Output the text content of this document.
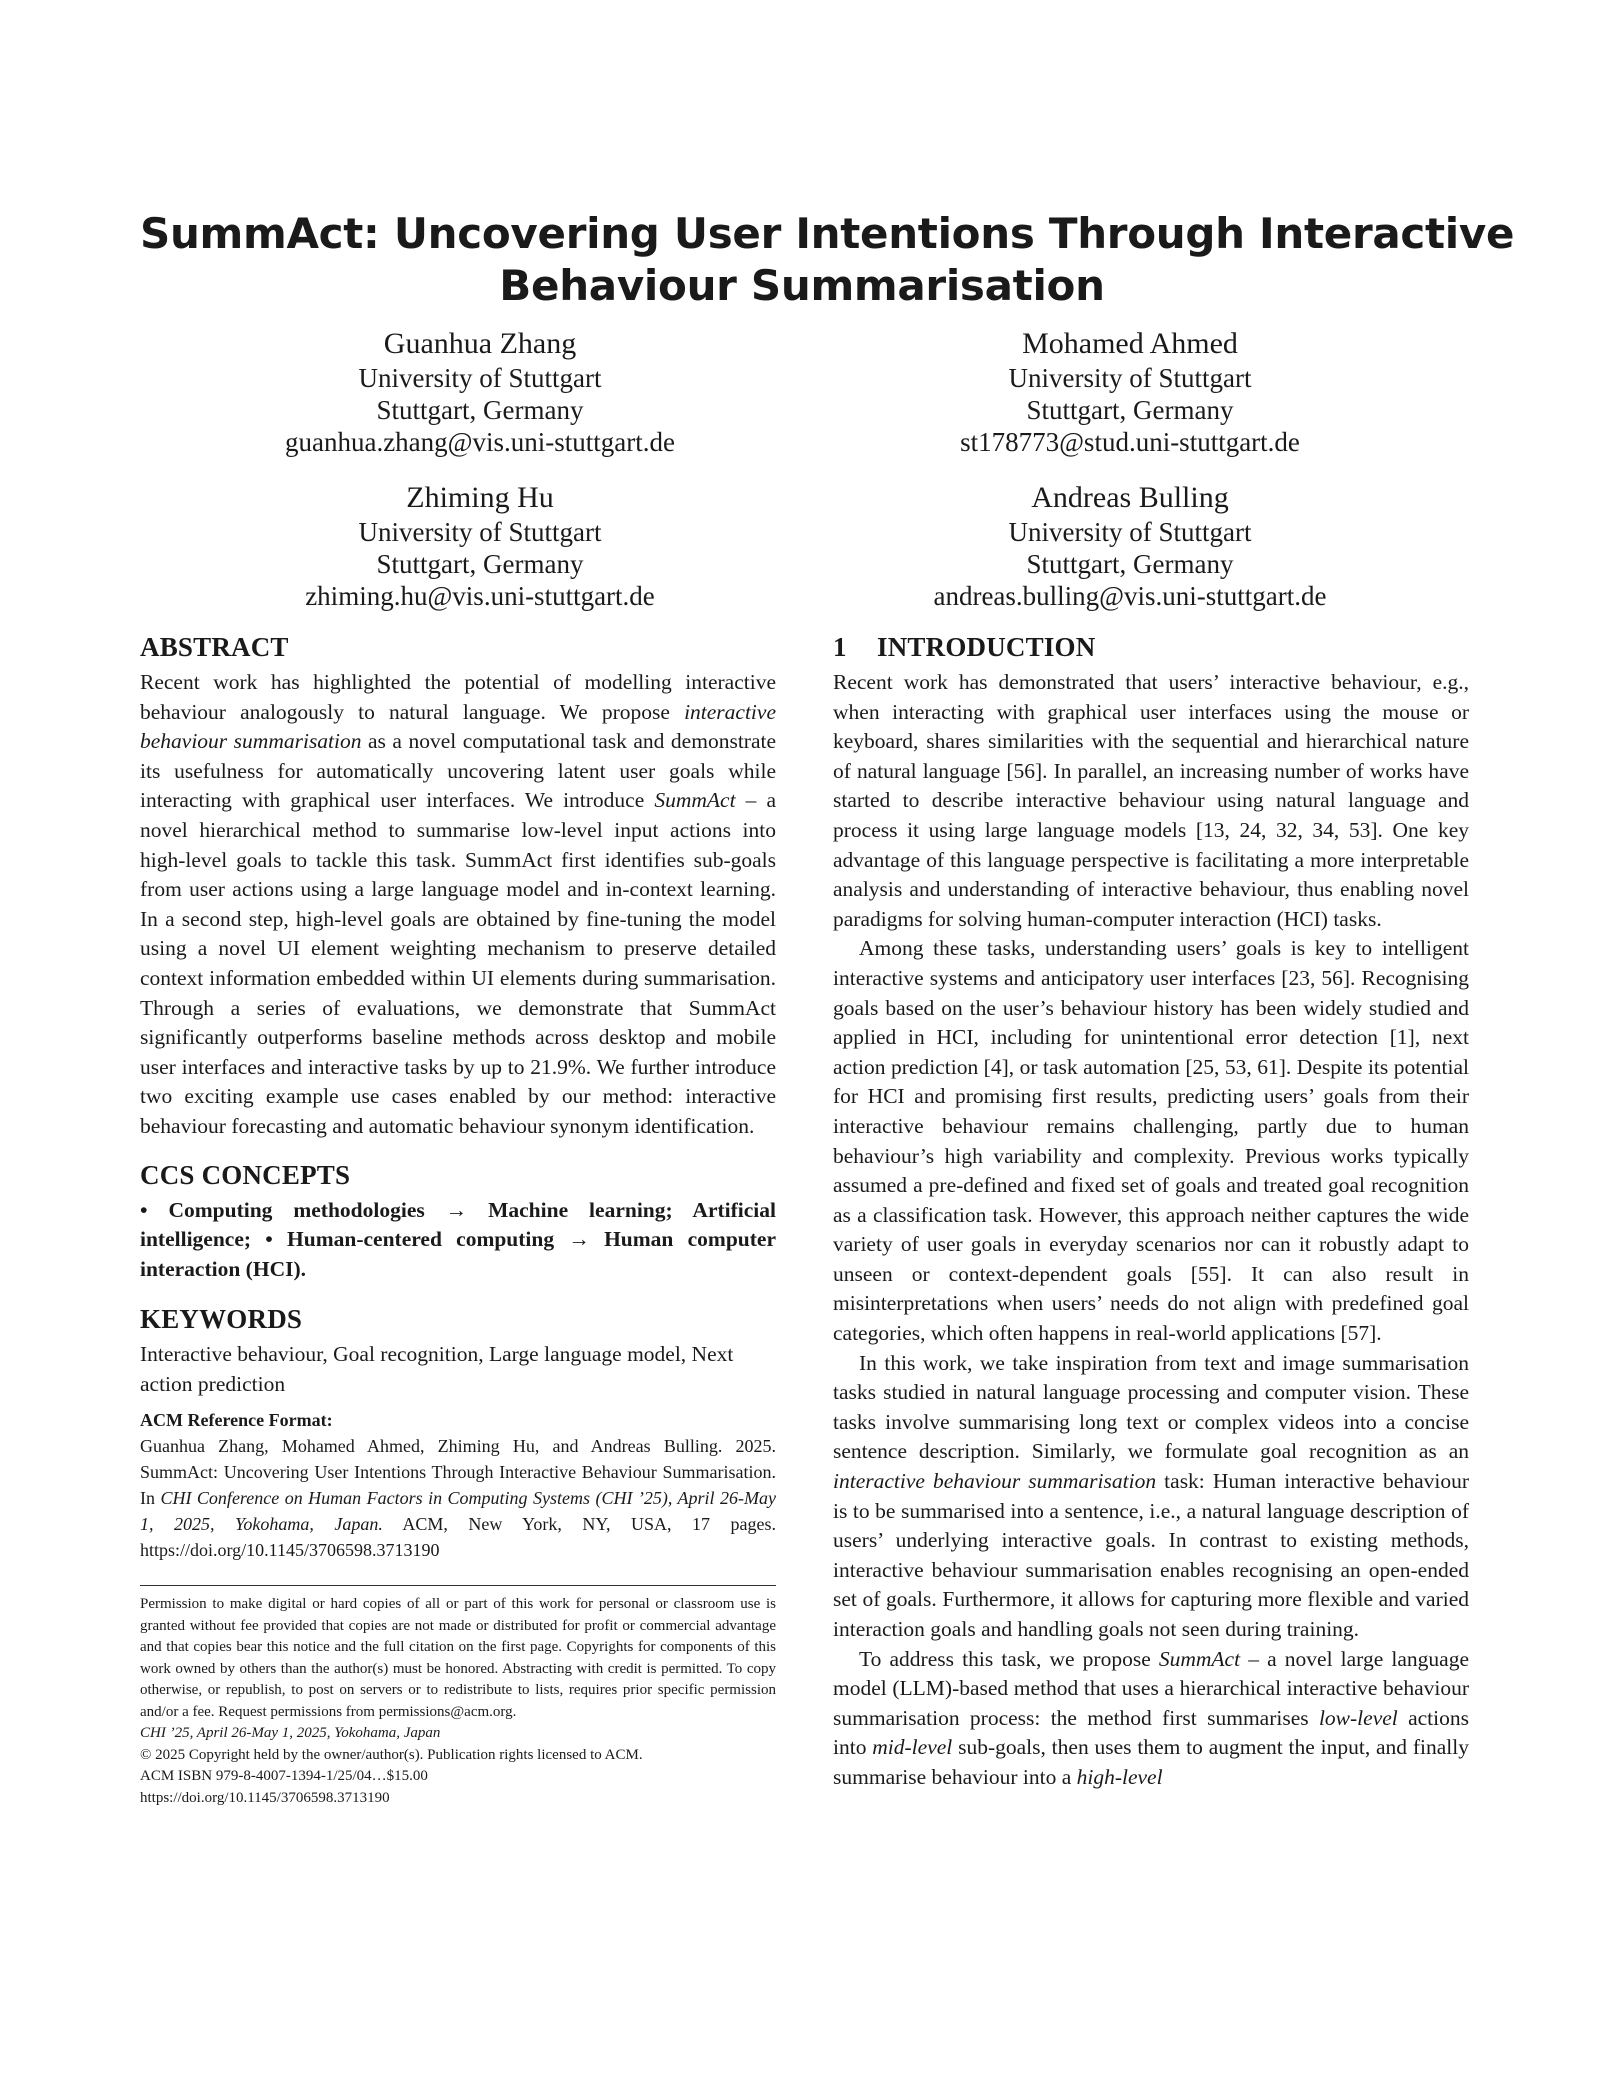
SummAct: Uncovering User Intentions Through Interactive
Behaviour Summarisation
Guanhua Zhang
University of Stuttgart
Stuttgart, Germany
guanhua.zhang@vis.uni-stuttgart.de
Mohamed Ahmed
University of Stuttgart
Stuttgart, Germany
st178773@stud.uni-stuttgart.de
Zhiming Hu
University of Stuttgart
Stuttgart, Germany
zhiming.hu@vis.uni-stuttgart.de
Andreas Bulling
University of Stuttgart
Stuttgart, Germany
andreas.bulling@vis.uni-stuttgart.de
ABSTRACT

Recent work has highlighted the potential of modelling interactive behaviour analogously to natural language. We propose interactive behaviour summarisation as a novel computational task and demonstrate its usefulness for automatically uncovering latent user goals while interacting with graphical user interfaces. We introduce SummAct – a novel hierarchical method to summarise low-level input actions into high-level goals to tackle this task. SummAct first identifies sub-goals from user actions using a large language model and in-context learning. In a second step, high-level goals are obtained by fine-tuning the model using a novel UI element weighting mechanism to preserve detailed context information embedded within UI elements during summarisation. Through a series of evaluations, we demonstrate that SummAct significantly outperforms baseline methods across desktop and mobile user interfaces and interactive tasks by up to 21.9%. We further introduce two exciting example use cases enabled by our method: interactive behaviour forecasting and automatic behaviour synonym identification.

CCS CONCEPTS
• Computing methodologies → Machine learning; Artificial intelligence; • Human-centered computing → Human computer interaction (HCI).
KEYWORDS
Interactive behaviour, Goal recognition, Large language model, Next action prediction
ACM Reference Format:
Guanhua Zhang, Mohamed Ahmed, Zhiming Hu, and Andreas Bulling. 2025. SummAct: Uncovering User Intentions Through Interactive Behaviour Summarisation. In CHI Conference on Human Factors in Computing Systems (CHI ’25), April 26-May 1, 2025, Yokohama, Japan. ACM, New York, NY, USA, 17 pages. https://doi.org/10.1145/3706598.3713190
Permission to make digital or hard copies of all or part of this work for personal or classroom use is granted without fee provided that copies are not made or distributed for profit or commercial advantage and that copies bear this notice and the full citation on the first page. Copyrights for components of this work owned by others than the author(s) must be honored. Abstracting with credit is permitted. To copy otherwise, or republish, to post on servers or to redistribute to lists, requires prior specific permission and/or a fee. Request permissions from permissions@acm.org.
CHI ’25, April 26-May 1, 2025, Yokohama, Japan
© 2025 Copyright held by the owner/author(s). Publication rights licensed to ACM.
ACM ISBN 979-8-4007-1394-1/25/04…$15.00
https://doi.org/10.1145/3706598.3713190
1 INTRODUCTION

Recent work has demonstrated that users’ interactive behaviour, e.g., when interacting with graphical user interfaces using the mouse or keyboard, shares similarities with the sequential and hierarchical nature of natural language [56]. In parallel, an increasing number of works have started to describe interactive behaviour using natural language and process it using large language models [13, 24, 32, 34, 53]. One key advantage of this language perspective is facilitating a more interpretable analysis and understanding of interactive behaviour, thus enabling novel paradigms for solving human-computer interaction (HCI) tasks.

Among these tasks, understanding users’ goals is key to intelligent interactive systems and anticipatory user interfaces [23, 56]. Recognising goals based on the user’s behaviour history has been widely studied and applied in HCI, including for unintentional error detection [1], next action prediction [4], or task automation [25, 53, 61]. Despite its potential for HCI and promising first results, predicting users’ goals from their interactive behaviour remains challenging, partly due to human behaviour’s high variability and complexity. Previous works typically assumed a pre-defined and fixed set of goals and treated goal recognition as a classification task. However, this approach neither captures the wide variety of user goals in everyday scenarios nor can it robustly adapt to unseen or context-dependent goals [55]. It can also result in misinterpretations when users’ needs do not align with predefined goal categories, which often happens in real-world applications [57].

In this work, we take inspiration from text and image summarisation tasks studied in natural language processing and computer vision. These tasks involve summarising long text or complex videos into a concise sentence description. Similarly, we formulate goal recognition as an interactive behaviour summarisation task: Human interactive behaviour is to be summarised into a sentence, i.e., a natural language description of users’ underlying interactive goals. In contrast to existing methods, interactive behaviour summarisation enables recognising an open-ended set of goals. Furthermore, it allows for capturing more flexible and varied interaction goals and handling goals not seen during training.

To address this task, we propose SummAct – a novel large language model (LLM)-based method that uses a hierarchical interactive behaviour summarisation process: the method first summarises low-level actions into mid-level sub-goals, then uses them to augment the input, and finally summarise behaviour into a high-level
